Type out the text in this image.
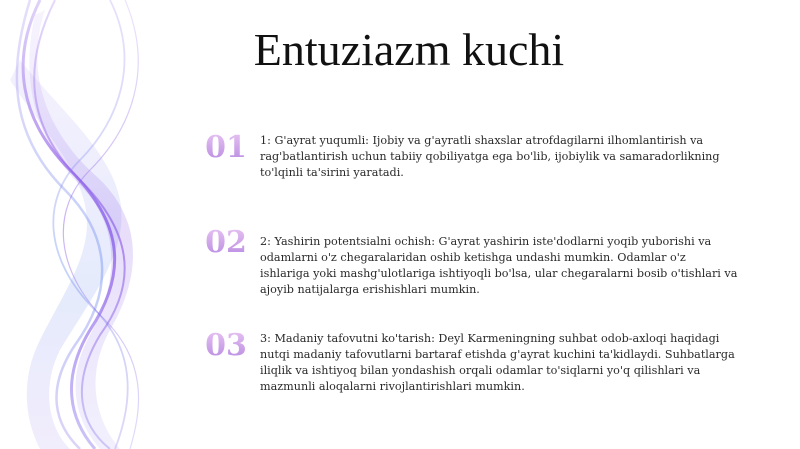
Entuziazm kuchi
01	1: G'ayrat yuqumli: Ijobiy va g'ayratli shaxslar atrofdagilarni ilhomlantirish va rag'batlantirish uchun tabiiy qobiliyatga ega bo'lib, ijobiylik va samaradorlikning to'lqinli ta'sirini yaratadi.
02	2: Yashirin potentsialni ochish: G'ayrat yashirin iste'dodlarni yoqib yuborishi va odamlarni o'z chegaralaridan oshib ketishga undashi mumkin. Odamlar o'z ishlariga yoki mashg'ulotlariga ishtiyoqli bo'lsa, ular chegaralarni bosib o'tishlari va ajoyib natijalarga erishishlari mumkin.
03	3: Madaniy tafovutni ko'tarish: Deyl Karmeningning suhbat odob-axloqi haqidagi nutqi madaniy tafovutlarni bartaraf etishda g'ayrat kuchini ta'kidlaydi. Suhbatlarga iliqlik va ishtiyoq bilan yondashish orqali odamlar to'siqlarni yo'q qilishlari va mazmunli aloqalarni rivojlantirishlari mumkin.
